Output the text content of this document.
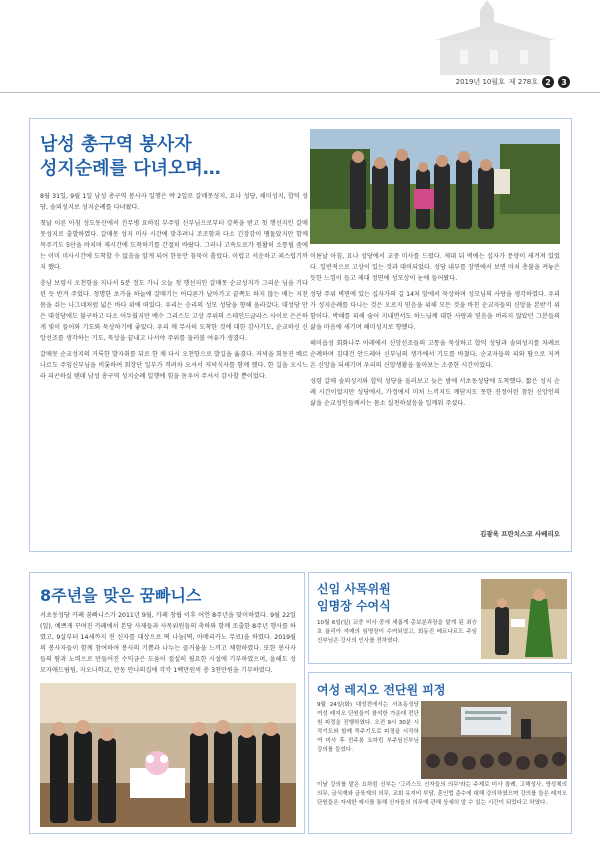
2019년 10월호 제 278호 2	3
남성 총구역 봉사자
성지순례를 다녀오며…

8월 31일, 9월 1일 남성 총구역 봉사자 일행은 박 2일로 갈매못성지, 요나 성당, 해미성지, 합덕 성당, 솔뫼성지로 성지순례를 다녀왔다.

첫날 이른 아침 성도동산에서 진무병 요하킴 부주임 신부님으로부터 강복을 받고 첫 행선지인 갈매못성지로 출발하였다. 갈매못 성지 미사 시간에 맞추려니 조조함과 다소 긴장감이 맴돌았지만 함께 목주기도 5단을 바치며 제시간에 도착하기를 간절히 바랐다. 그러나 고속도로가 원활히 소통될 줌에는 이미 미사시간에 도착할 수 없음을 알게 되어 한동안 침묵이 흘렀다. 이럽고 서운하고 죄스럽기까지 했다.

충남 보령시 오천항을 지나서 5분 정도 가니 오늘 첫 행선지인 갈매못 순교성지가 그리운 님을 기다린 듯 반겨 주었다. 청명한 초가을 하늘에 갈매기는 어디론가 날아가고 끝쪽도 하지 않는 배는 지친 몸을 쉬는 나그네처럼 넓은 바다 위에 떠있다. 우리는 승리의 성모 성당을 향해 올라갔다. 대성당 안은 대성당에도 불구하고 다소 어두웠지만 예수 그리스도 고상 주위의 스테인드글라스 사이로 은은하게 빛이 들어와 기도와 묵상하기에 좋았다. 우리 께 무사히 도착한 것에 대한 감사기도, 순교하신 신앙선조를 생각하는 기도, 묵상을 끝내고 나서야 주위를 둘러볼 여유가 생겼다.

갈매못 순교성지의 거룩한 발자취를 뒤로 한 채 다시 오천항으로 발길을 옮겼다. 저녁을 회동진 베르나르도 주임신부님을 비롯하여 회장단 일부가 격려차 오셔서 저녁식사를 함께 했다. 한 길을 오시느라 피곤하실 텐데 남성 총구역 성지순례 일행에 힘을 돋우어 주셔서 감사할 뿐이었다.

이튿날 아침, 요나 성당에서 교중 미사를 드렸다. 제대 뒤 벽에는 십자가 문양이 새겨져 있었다. 일반적으로 고상이 있는 것과 대비되었다. 성당 내부를 장면에서 보면 마치 촛불을 켜놓은 듯한 느낌이 들고 제대 정면에 성모상이 눈에 들어왔다.

성당 주위 벽면에 있는 십자가의 길 14처 앞에서 묵상하며 성모님의 사랑을 생각하였다. 우리가 성지순례를 다니는 것은 오로지 믿음을 위해 모든 것을 바친 순교자들의 신앙을 본받기 위함이다. 박해를 피해 숨어 지내면서도 하느님께 대한 사랑과 믿음을 버리지 않았던 그분들의 삶을 마음에 새기며 해미성지로 향했다.

해미읍성 회화나무 아래에서 신앙선조들의 고통을 묵상하고 합덕 성당과 솔뫼성지를 차례로 순례하며 김대건 안드레아 신부님의 생가에서 기도를 바쳤다. 순교자들의 피와 땀으로 지켜 온 신앙을 되새기며 우리의 신앙생활을 돌아보는 소중한 시간이었다.

성령 갈매 솔뫼성지와 합덕 성당을 둘러보고 늦은 밤에 서초동성당에 도착했다. 짧은 성지 순례 시간이었지만 성당에서, 가정에서 미처 느끼지도 깨닫지도 못한 진정어린 참된 신앙인의 삶을 순교성인들께서는 몸소 실천하셨음을 일깨워 주셨다.

김광욱 프란치스코 사베리오
8주년을 맞은 꿈빠니스
서초동성당 카페 꿈빠니스가 2011년 9월, 카페 창립 이후 어언 8주년을 맞이하였다. 9월 22일(일), 예쁘게 꾸며진 카페에서 본당 사제들과 사목위원들의 축하와 함께 조출한 8주년 행사를 하였고, 9살부터 14세까지 전 신자를 대상으로 떡 나눔(떡, 아메리카노 무료)을 하였다. 2019월의 봉사자들이 함께 참여하여 봉사의 기쁨과 나누는 즐거움을 느끼고 체험하였다. 또한 봉사자들의 땀과 노력으로 만들어진 수익금은 도움이 절실히 필요한 시설에 기부하였으며, 올해도 성모자애드림팀, 자오나학교, 안동 안나의집에 각각 1백만원씩 총 3천만원을 기부하였다.
신임 사목위원
임명장 수여식
10월 6일(일) 교중 미사 중에 새롭게 총보분과장을 맡게 된 최승호 율리아 자매의 임명장이 수여되었고, 회동진 베르나르도 주임신부님은 강사의 인사를 전하였다.
여성 레지오 전단원 피정
9월 24일(화) 대성전에서는 서초동성당 여성 레지오 단원들이 참석한 가운데 전단원 피정을 진행하였다. 오전 9시 30분 시작기도와 함께 묵주기도로 피정을 시작하여 미사 후 전주봉 요하킴 부주임신부님 강의를 들었다.
이날 강의를 맡은 요하킴 신부는 '그리스도 신자들의 의무'라는 주제로 미사 참례, 고해성사, 영성체의 의무, 금식재와 금육재의 의무, 교회 유지비 부담, 혼인법 준수에 대해 강의하였으며 강의를 들은 레지오 단원들은 자세한 예시를 통해 신자들의 의무에 관해 상세히 알 수 있는 시간이 되었다고 하였다.
